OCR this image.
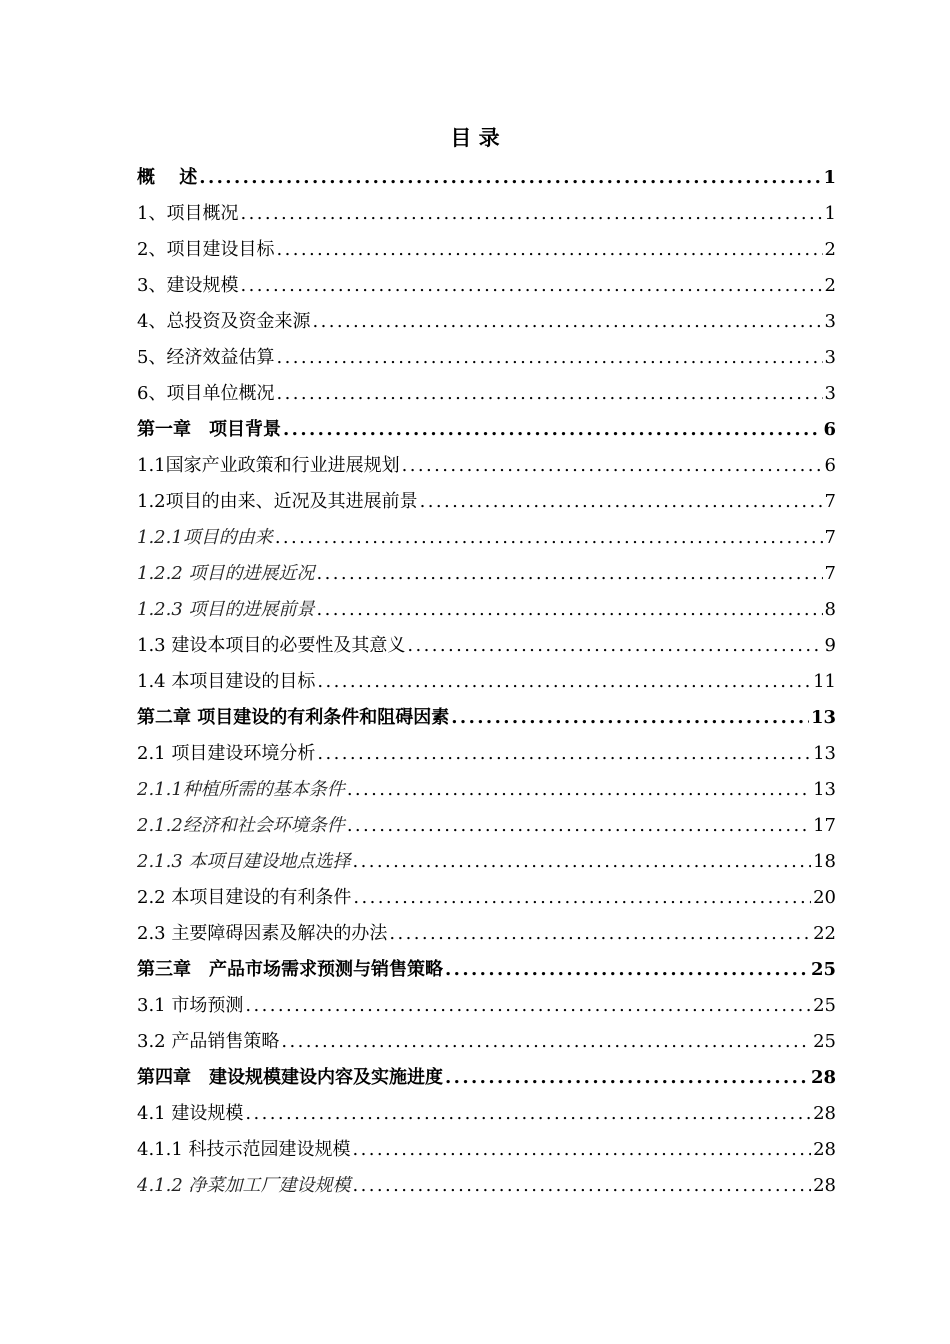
目 录
概　 述 .....	1
1、项目概况 .....	1
2、项目建设目标 .....	2
3、建设规模 .....	2
4、总投资及资金来源 .....	3
5、经济效益估算 .....	3
6、项目单位概况 .....	3
第一章　项目背景 .....	6
1.1国家产业政策和行业进展规划 .....	6
1.2项目的由来、近况及其进展前景 .....	7
1.2.1项目的由来 .....	7
1.2.2 项目的进展近况 .....	7
1.2.3 项目的进展前景 .....	8
1.3 建设本项目的必要性及其意义 .....	9
1.4 本项目建设的目标 .....	11
第二章 项目建设的有利条件和阻碍因素 .....	13
2.1 项目建设环境分析 .....	13
2.1.1种植所需的基本条件 .....	13
2.1.2经济和社会环境条件 .....	17
2.1.3 本项目建设地点选择 .....	18
2.2 本项目建设的有利条件 .....	20
2.3 主要障碍因素及解决的办法 .....	22
第三章　产品市场需求预测与销售策略 .....	25
3.1 市场预测 .....	25
3.2 产品销售策略 .....	25
第四章　建设规模建设内容及实施进度 .....	28
4.1 建设规模 .....	28
4.1.1 科技示范园建设规模 .....	28
4.1.2 净菜加工厂建设规模 .....	28
